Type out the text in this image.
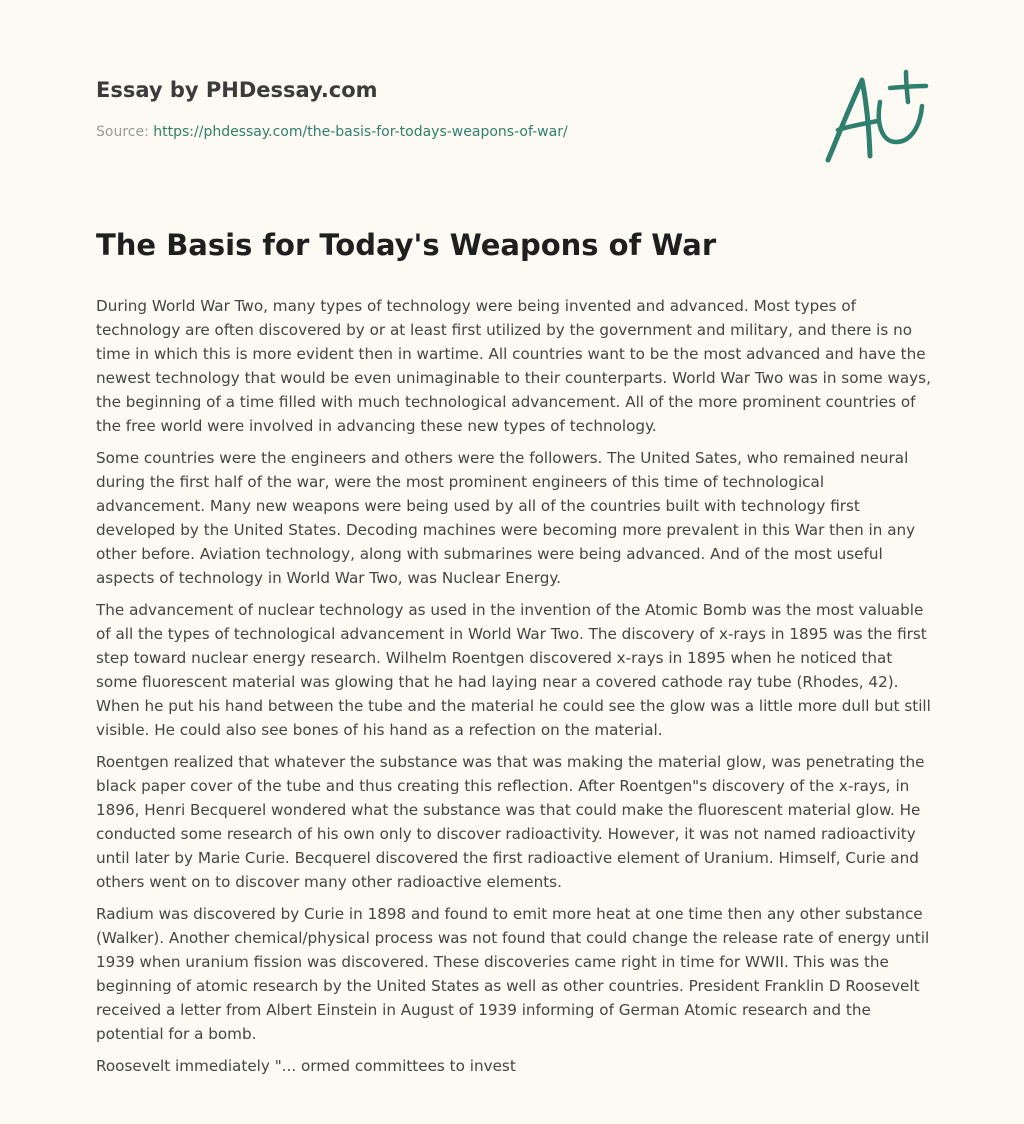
Essay by PHDessay.com
Source: https://phdessay.com/the-basis-for-todays-weapons-of-war/
The Basis for Today's Weapons of War

During World War Two, many types of technology were being invented and advanced. Most types of technology are often discovered by or at least first utilized by the government and military, and there is no time in which this is more evident then in wartime. All countries want to be the most advanced and have the newest technology that would be even unimaginable to their counterparts. World War Two was in some ways, the beginning of a time filled with much technological advancement. All of the more prominent countries of the free world were involved in advancing these new types of technology.

Some countries were the engineers and others were the followers. The United Sates, who remained neural during the first half of the war, were the most prominent engineers of this time of technological advancement. Many new weapons were being used by all of the countries built with technology first developed by the United States. Decoding machines were becoming more prevalent in this War then in any other before. Aviation technology, along with submarines were being advanced. And of the most useful aspects of technology in World War Two, was Nuclear Energy.

The advancement of nuclear technology as used in the invention of the Atomic Bomb was the most valuable of all the types of technological advancement in World War Two. The discovery of x-rays in 1895 was the first step toward nuclear energy research. Wilhelm Roentgen discovered x-rays in 1895 when he noticed that some fluorescent material was glowing that he had laying near a covered cathode ray tube (Rhodes, 42). When he put his hand between the tube and the material he could see the glow was a little more dull but still visible. He could also see bones of his hand as a refection on the material.

Roentgen realized that whatever the substance was that was making the material glow, was penetrating the black paper cover of the tube and thus creating this reflection. After Roentgen"s discovery of the x-rays, in 1896, Henri Becquerel wondered what the substance was that could make the fluorescent material glow. He conducted some research of his own only to discover radioactivity. However, it was not named radioactivity until later by Marie Curie. Becquerel discovered the first radioactive element of Uranium. Himself, Curie and others went on to discover many other radioactive elements.

Radium was discovered by Curie in 1898 and found to emit more heat at one time then any other substance (Walker). Another chemical/physical process was not found that could change the release rate of energy until 1939 when uranium fission was discovered. These discoveries came right in time for WWII. This was the beginning of atomic research by the United States as well as other countries. President Franklin D Roosevelt received a letter from Albert Einstein in August of 1939 informing of German Atomic research and the potential for a bomb.

Roosevelt immediately "... ormed committees to invest
